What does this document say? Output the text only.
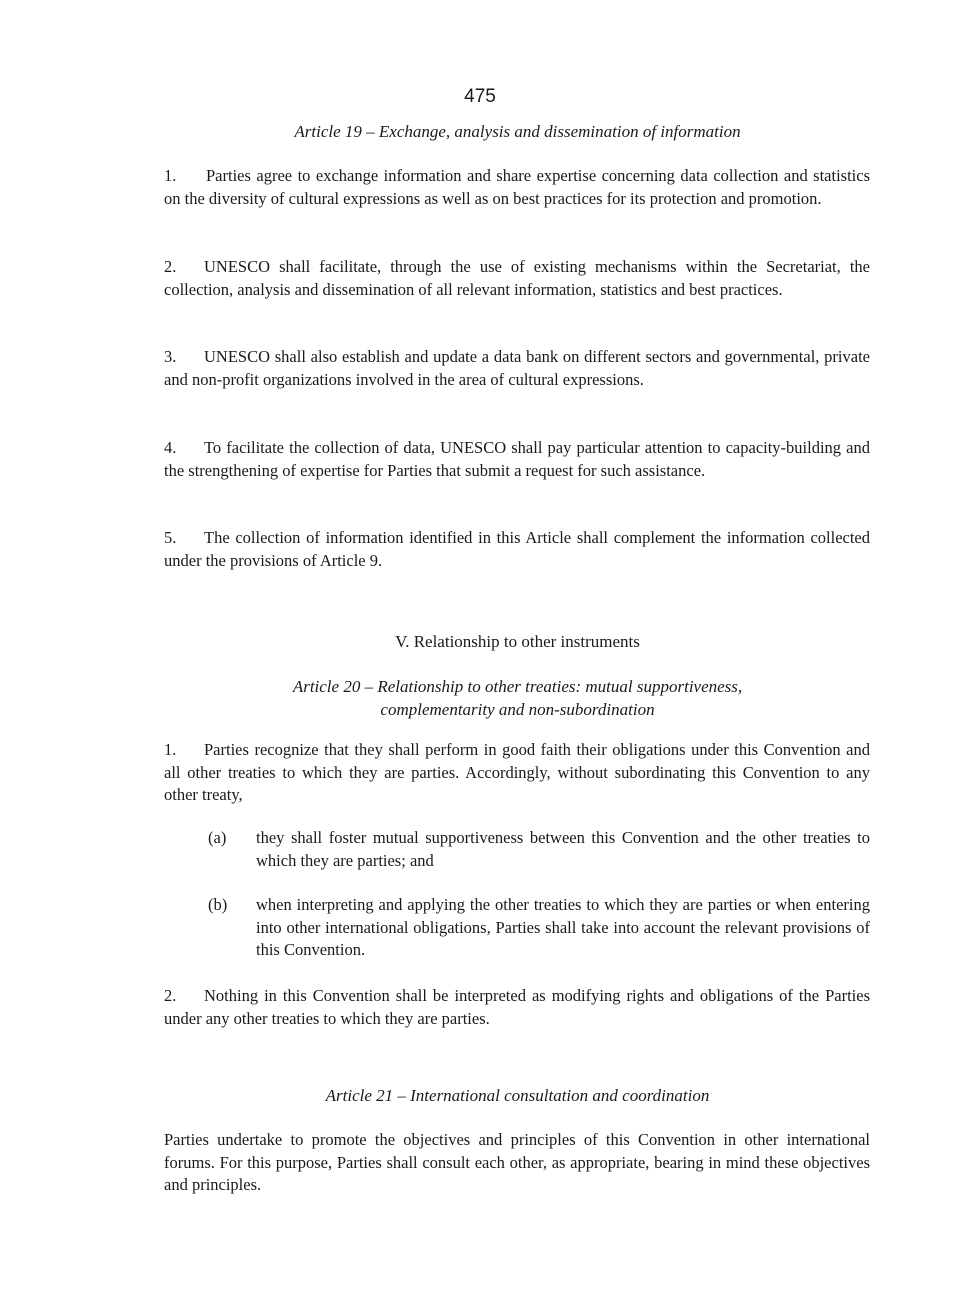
475
Article 19 – Exchange, analysis and dissemination of information

1. Parties agree to exchange information and share expertise concerning data collection and statistics on the diversity of cultural expressions as well as on best practices for its protection and promotion.

2. UNESCO shall facilitate, through the use of existing mechanisms within the Secretariat, the collection, analysis and dissemination of all relevant information, statistics and best practices.

3. UNESCO shall also establish and update a data bank on different sectors and governmental, private and non-profit organizations involved in the area of cultural expressions.

4. To facilitate the collection of data, UNESCO shall pay particular attention to capacity-building and the strengthening of expertise for Parties that submit a request for such assistance.

5. The collection of information identified in this Article shall complement the information collected under the provisions of Article 9.

V. Relationship to other instruments
Article 20 – Relationship to other treaties: mutual supportiveness,
complementarity and non-subordination

1. Parties recognize that they shall perform in good faith their obligations under this Convention and all other treaties to which they are parties. Accordingly, without subordinating this Convention to any other treaty,

(a)	they shall foster mutual supportiveness between this Convention and the other treaties to which they are parties; and
(b)	when interpreting and applying the other treaties to which they are parties or when entering into other international obligations, Parties shall take into account the relevant provisions of this Convention.

2. Nothing in this Convention shall be interpreted as modifying rights and obligations of the Parties under any other treaties to which they are parties.

Article 21 – International consultation and coordination

Parties undertake to promote the objectives and principles of this Convention in other international forums. For this purpose, Parties shall consult each other, as appropriate, bearing in mind these objectives and principles.
